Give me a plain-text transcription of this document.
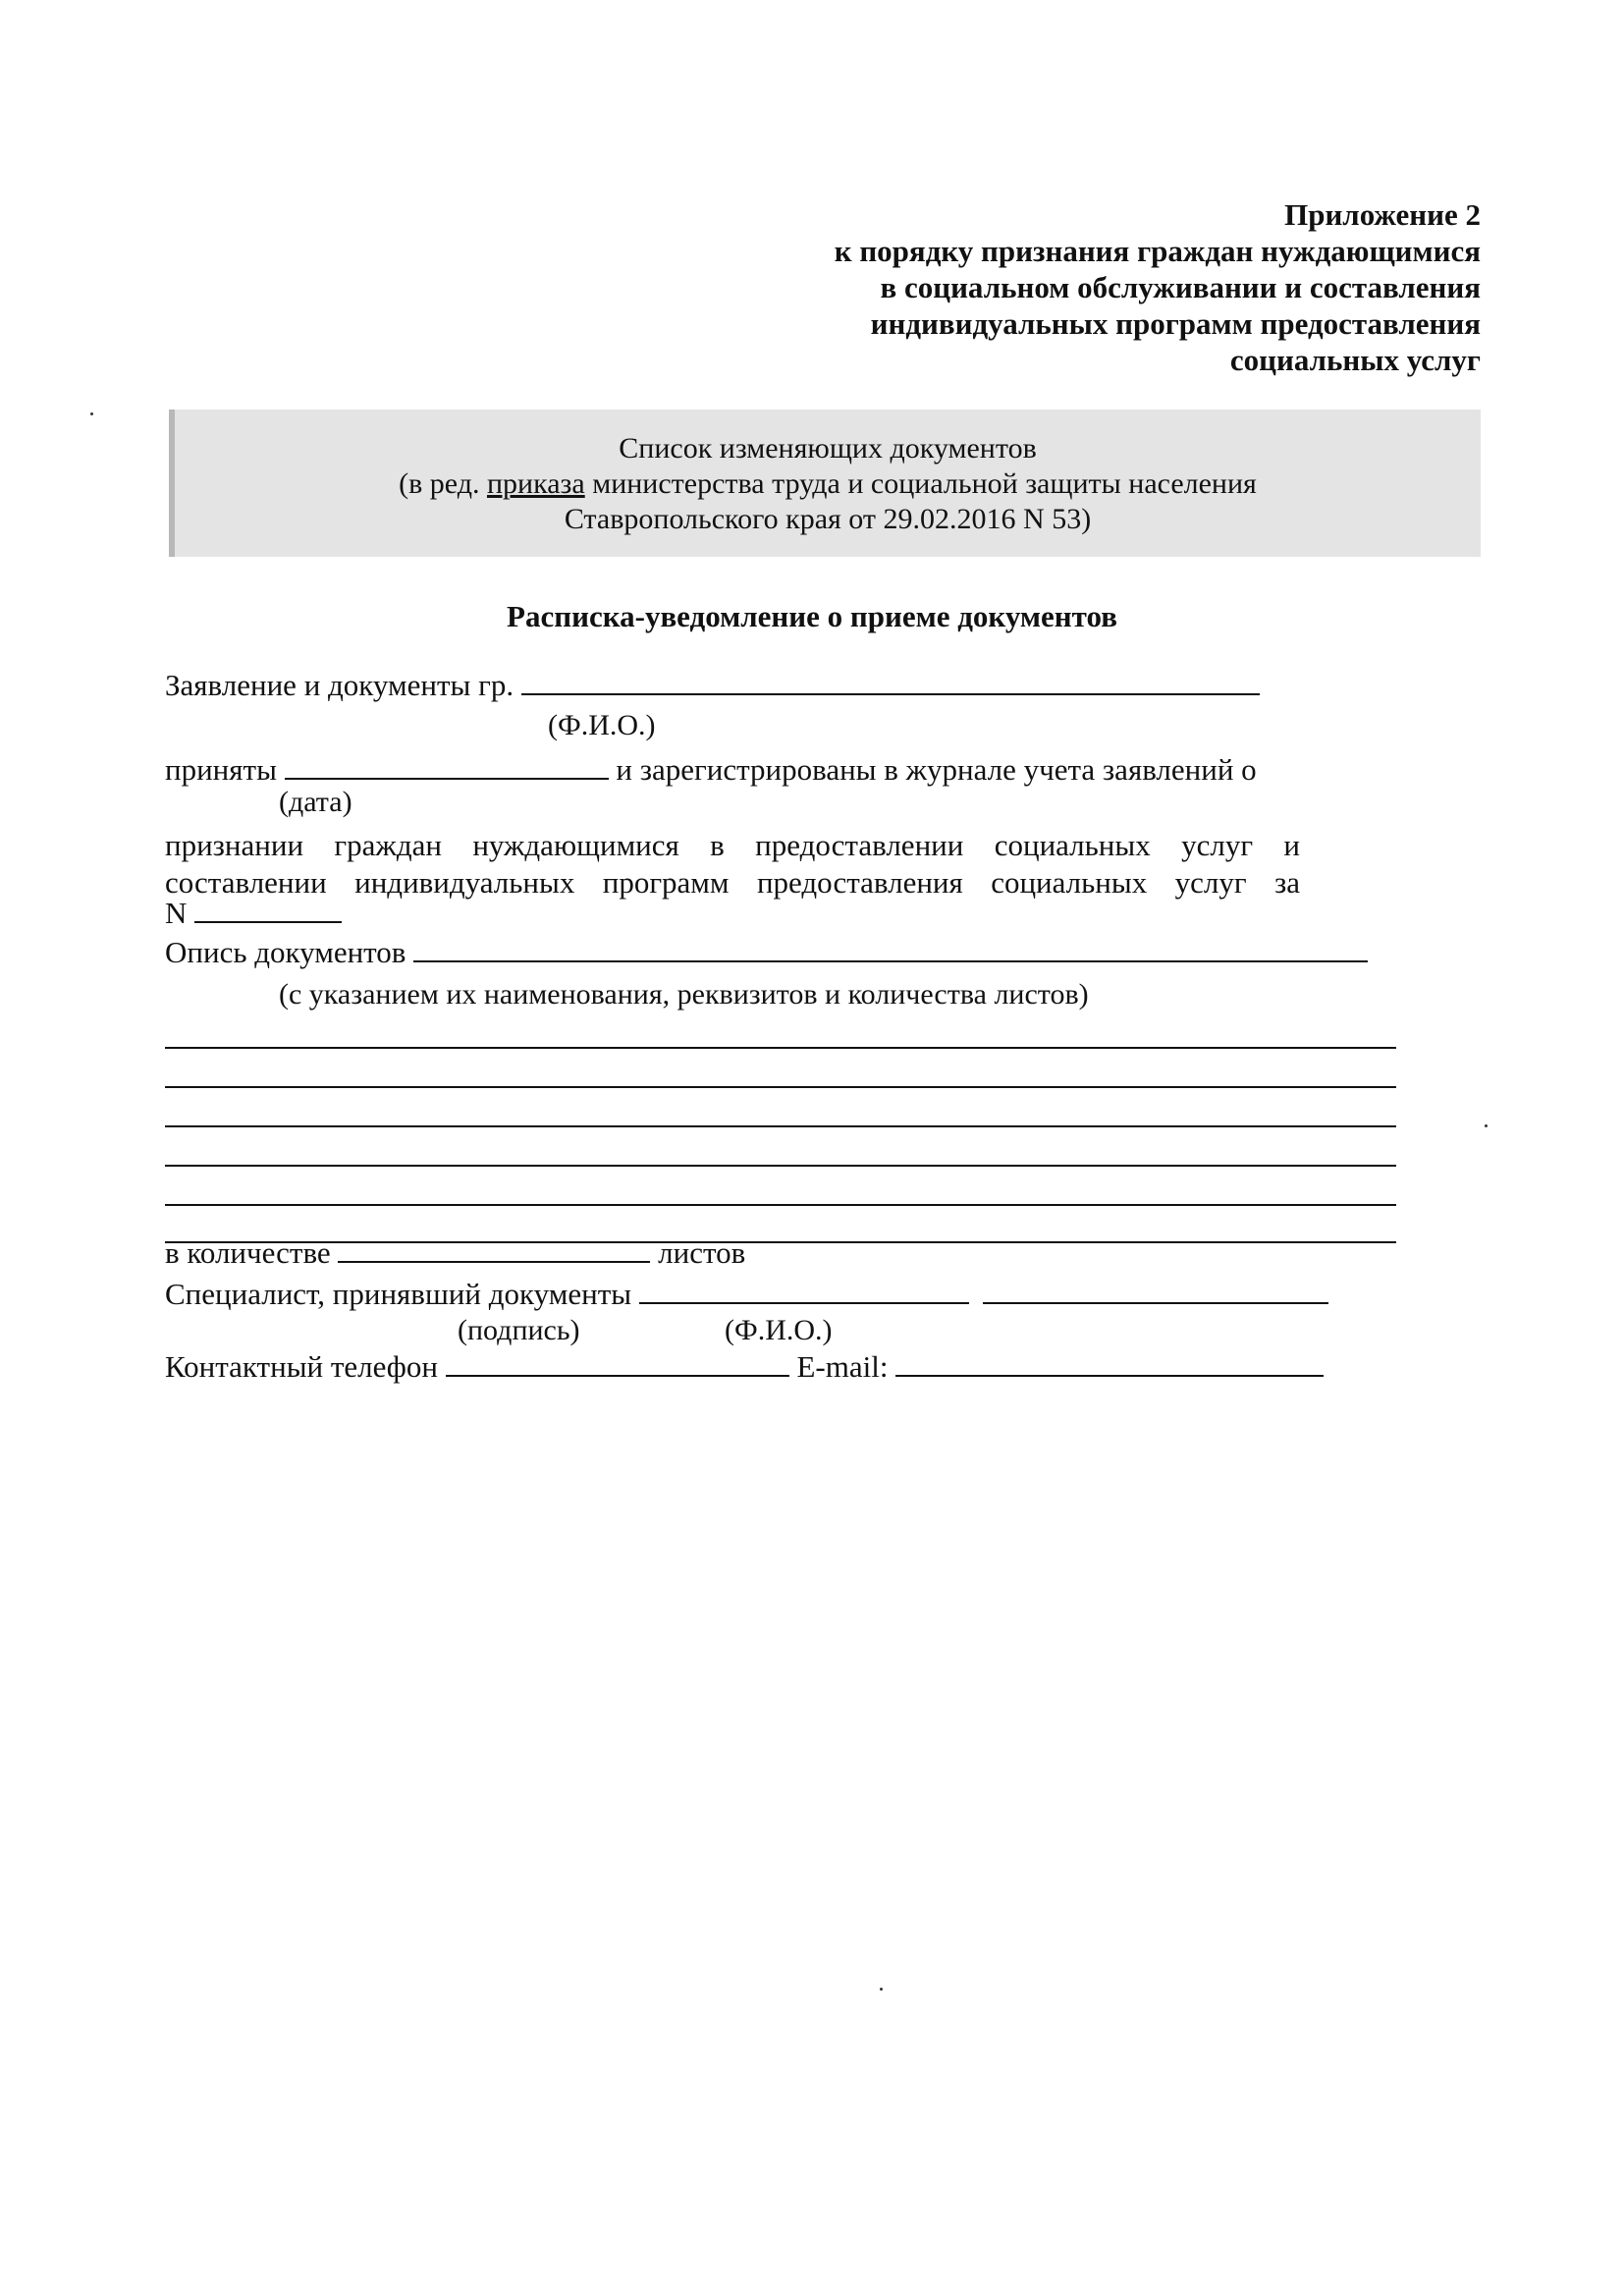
Приложение 2
к порядку признания граждан нуждающимися
в социальном обслуживании и составления
индивидуальных программ предоставления
социальных услуг
Список изменяющих документов
(в ред. приказа министерства труда и социальной защиты населения
Ставропольского края от 29.02.2016 N 53)
Расписка-уведомление о приеме документов
Заявление и документы гр.
(Ф.И.О.)
приняты	и зарегистрированы в журнале учета заявлений о
(дата)
признании граждан нуждающимися в предоставлении социальных услуг и
составлении индивидуальных программ предоставления социальных услуг за
N
Опись документов
(с указанием их наименования, реквизитов и количества листов)
в количестве	листов
Специалист, принявший документы
(подпись)	(Ф.И.О.)
Контактный телефон	E-mail:
